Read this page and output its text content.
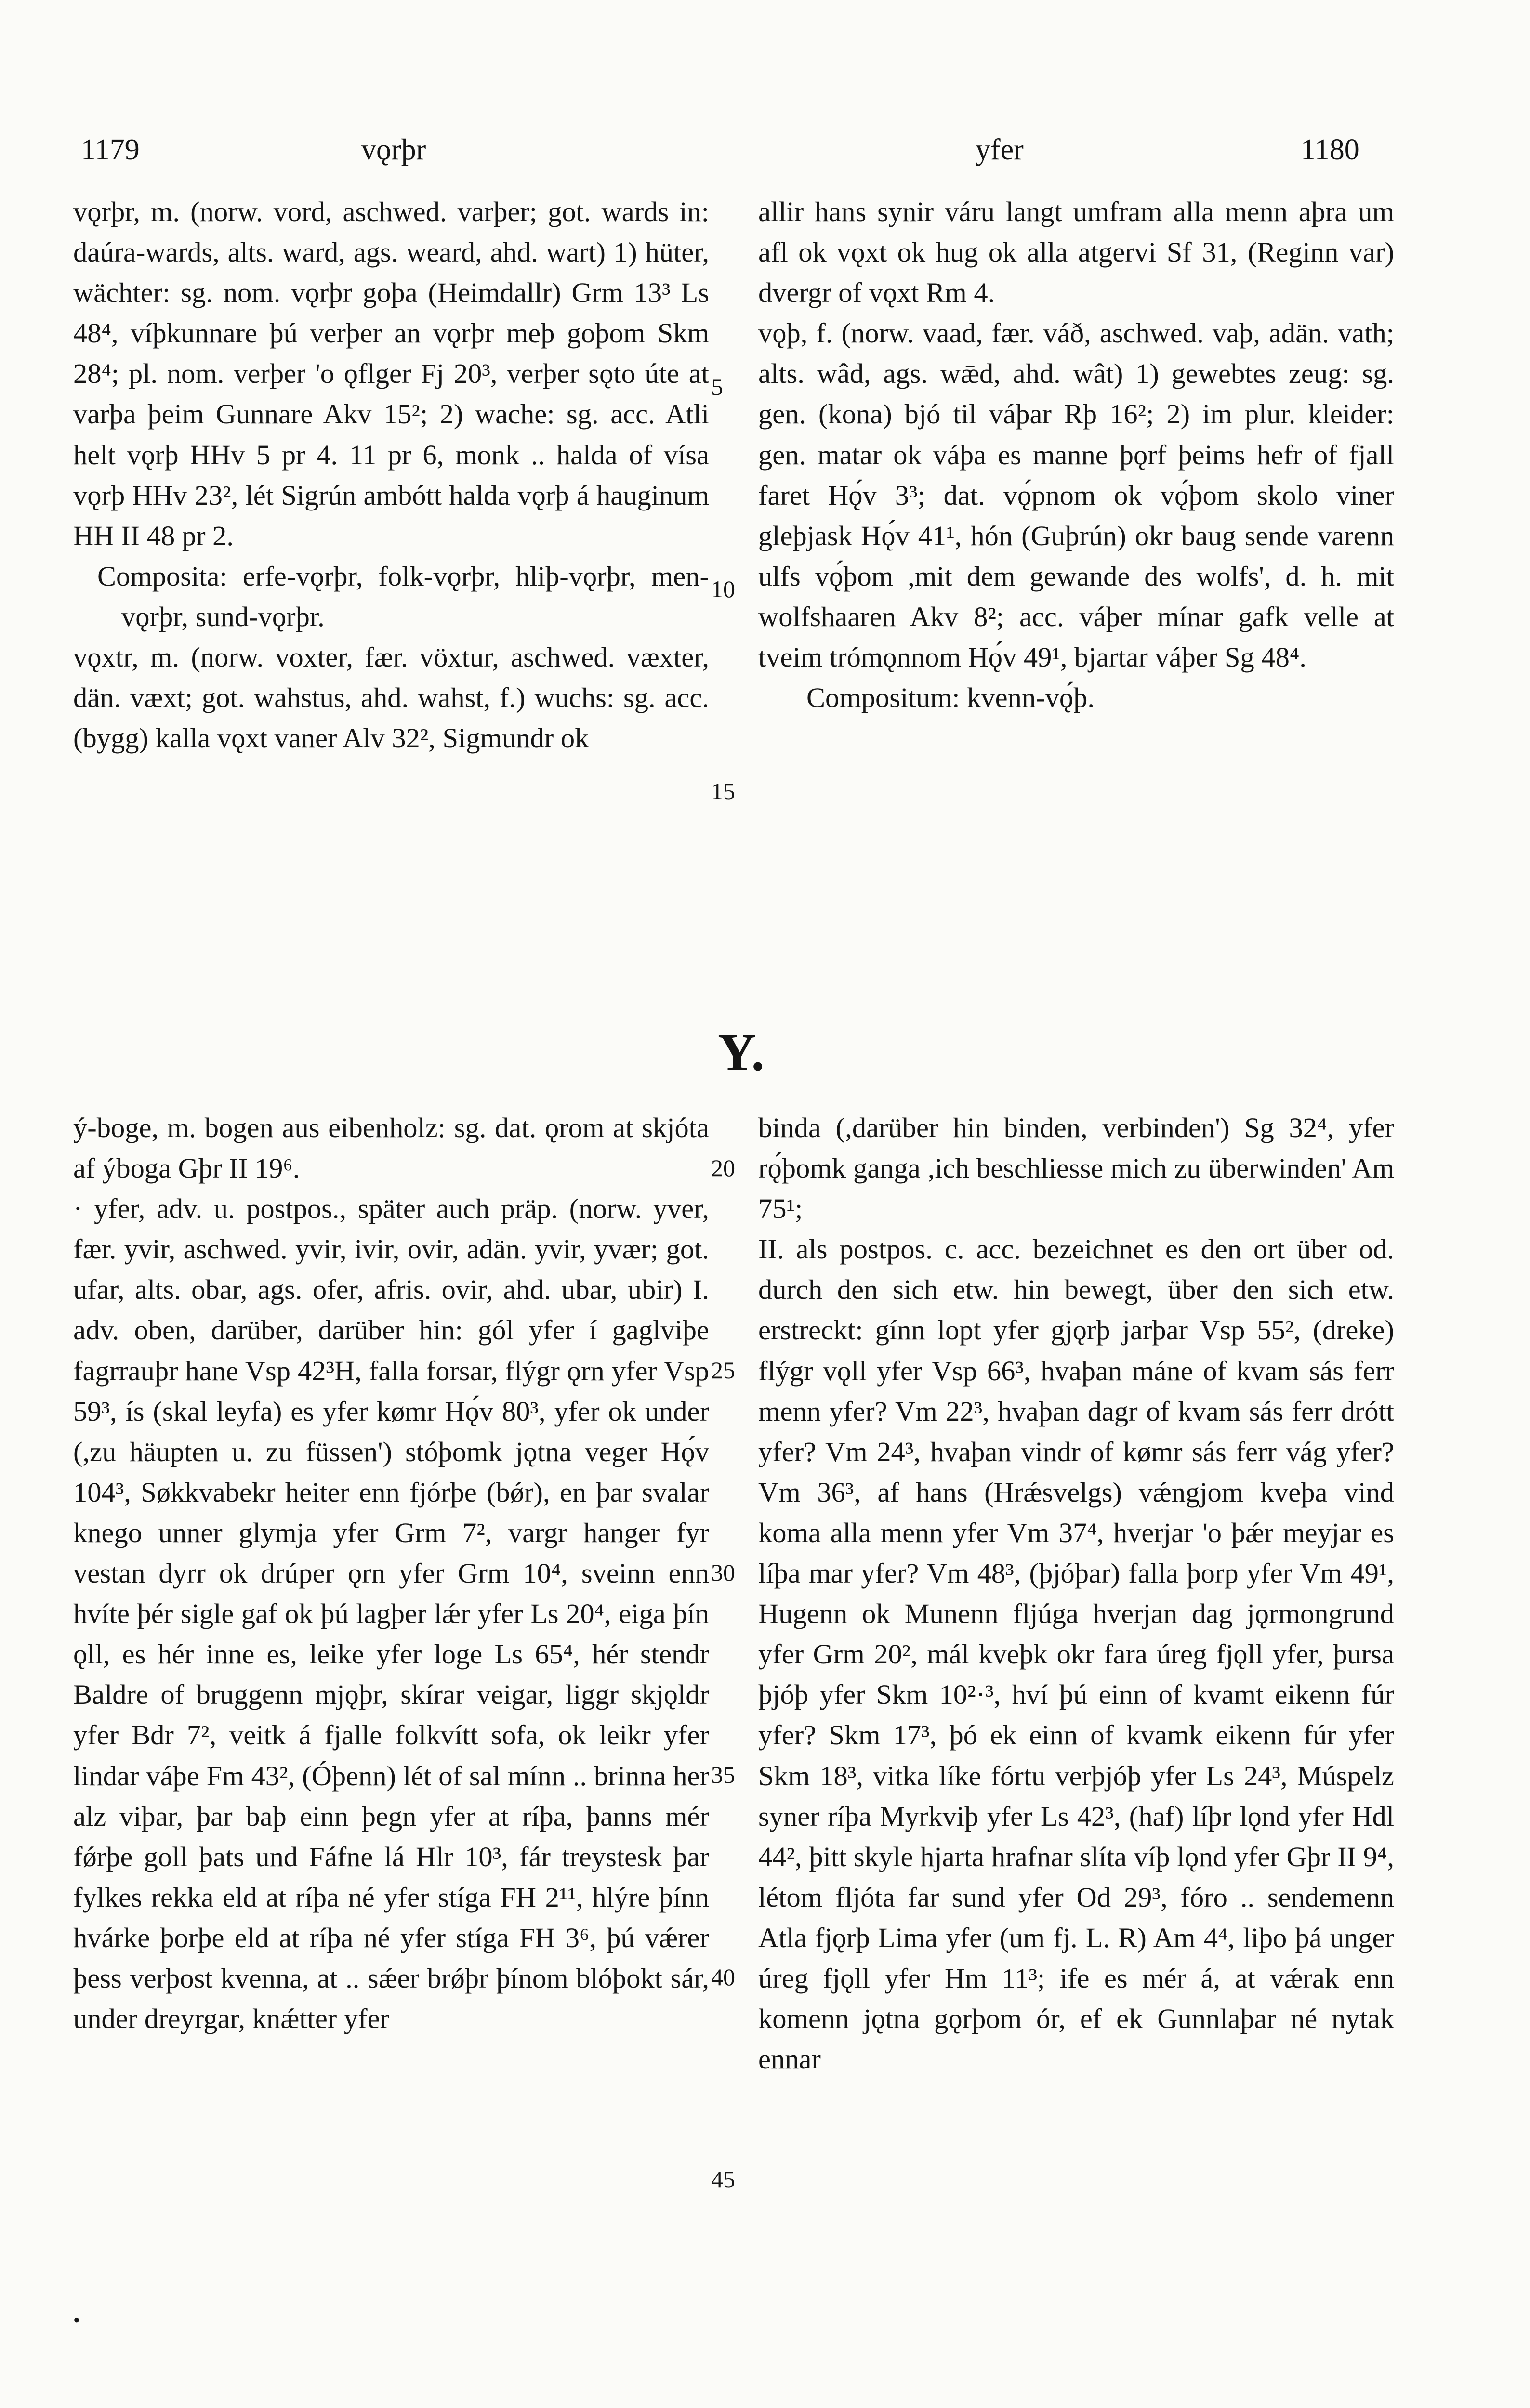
1179	vǫrþr	yfer	1180

vǫrþr, m. (norw. vord, aschwed. varþer; got. wards in: daúra-wards, alts. ward, ags. weard, ahd. wart) 1) hüter, wächter: sg. nom. vǫrþr goþa (Heimdallr) Grm 13³ Ls 48⁴, víþkunnare þú verþer an vǫrþr meþ goþom Skm 28⁴; pl. nom. verþer 'o ǫflger Fj 20³, verþer sǫto úte at varþa þeim Gunnare Akv 15²; 2) wache: sg. acc. Atli helt vǫrþ HHv 5 pr 4. 11 pr 6, monk .. halda of vísa vǫrþ HHv 23², lét Sigrún ambótt halda vǫrþ á hauginum HH II 48 pr 2.

Composita: erfe-vǫrþr, folk-vǫrþr, hliþ-vǫrþr, men-vǫrþr, sund-vǫrþr.

vǫxtr, m. (norw. voxter, fær. vöxtur, aschwed. væxter, dän. væxt; got. wahstus, ahd. wahst, f.) wuchs: sg. acc. (bygg) kalla vǫxt vaner Alv 32², Sigmundr ok

allir hans synir váru langt umfram alla menn aþra um afl ok vǫxt ok hug ok alla atgervi Sf 31, (Reginn var) dvergr of vǫxt Rm 4.

vǫþ, f. (norw. vaad, fær. váð, aschwed. vaþ, adän. vath; alts. wâd, ags. wǣd, ahd. wât) 1) gewebtes zeug: sg. gen. (kona) bjó til váþar Rþ 16²; 2) im plur. kleider: gen. matar ok váþa es manne þǫrf þeims hefr of fjall faret Hǫ́v 3³; dat. vǫ́pnom ok vǫ́þom skolo viner gleþjask Hǫ́v 41¹, hón (Guþrún) okr baug sende varenn ulfs vǫ́þom ,mit dem gewande des wolfs', d. h. mit wolfshaaren Akv 8²; acc. váþer mínar gafk velle at tveim trómǫnnom Hǫ́v 49¹, bjartar váþer Sg 48⁴.

Compositum: kvenn-vǫ́þ.

Y.

ý-boge, m. bogen aus eibenholz: sg. dat. ǫrom at skjóta af ýboga Gþr II 19⁶.

· yfer, adv. u. postpos., später auch präp. (norw. yver, fær. yvir, aschwed. yvir, ivir, ovir, adän. yvir, yvær; got. ufar, alts. obar, ags. ofer, afris. ovir, ahd. ubar, ubir) I. adv. oben, darüber, darüber hin: gól yfer í gaglviþe fagrrauþr hane Vsp 42³H, falla forsar, flýgr ǫrn yfer Vsp 59³, ís (skal leyfa) es yfer kømr Hǫ́v 80³, yfer ok under (,zu häupten u. zu füssen') stóþomk jǫtna veger Hǫ́v 104³, Søkkvabekr heiter enn fjórþe (bǿr), en þar svalar knego unner glymja yfer Grm 7², vargr hanger fyr vestan dyrr ok drúper ǫrn yfer Grm 10⁴, sveinn enn hvíte þér sigle gaf ok þú lagþer lǽr yfer Ls 20⁴, eiga þín ǫll, es hér inne es, leike yfer loge Ls 65⁴, hér stendr Baldre of bruggenn mjǫþr, skírar veigar, liggr skjǫldr yfer Bdr 7², veitk á fjalle folkvítt sofa, ok leikr yfer lindar váþe Fm 43², (Óþenn) lét of sal mínn .. brinna her alz viþar, þar baþ einn þegn yfer at ríþa, þanns mér fǿrþe goll þats und Fáfne lá Hlr 10³, fár treystesk þar fylkes rekka eld at ríþa né yfer stíga FH 2¹¹, hlýre þínn hvárke þorþe eld at ríþa né yfer stíga FH 3⁶, þú vǽrer þess verþost kvenna, at .. sǽer brǿþr þínom blóþokt sár, under dreyrgar, knǽtter yfer

binda (,darüber hin binden, verbinden') Sg 32⁴, yfer rǫ́þomk ganga ,ich beschliesse mich zu überwinden' Am 75¹;

II. als postpos. c. acc. bezeichnet es den ort über od. durch den sich etw. hin bewegt, über den sich etw. erstreckt: gínn lopt yfer gjǫrþ jarþar Vsp 55², (dreke) flýgr vǫll yfer Vsp 66³, hvaþan máne of kvam sás ferr menn yfer? Vm 22³, hvaþan dagr of kvam sás ferr drótt yfer? Vm 24³, hvaþan vindr of kømr sás ferr vág yfer? Vm 36³, af hans (Hrǽsvelgs) vǽngjom kveþa vind koma alla menn yfer Vm 37⁴, hverjar 'o þǽr meyjar es líþa mar yfer? Vm 48³, (þjóþar) falla þorp yfer Vm 49¹, Hugenn ok Munenn fljúga hverjan dag jǫrmongrund yfer Grm 20², mál kveþk okr fara úreg fjǫll yfer, þursa þjóþ yfer Skm 10²·³, hví þú einn of kvamt eikenn fúr yfer? Skm 17³, þó ek einn of kvamk eikenn fúr yfer Skm 18³, vitka líke fórtu verþjóþ yfer Ls 24³, Múspelz syner ríþa Myrkviþ yfer Ls 42³, (haf) líþr lǫnd yfer Hdl 44², þitt skyle hjarta hrafnar slíta víþ lǫnd yfer Gþr II 9⁴, létom fljóta far sund yfer Od 29³, fóro .. sendemenn Atla fjǫrþ Lima yfer (um fj. L. R) Am 4⁴, liþo þá unger úreg fjǫll yfer Hm 11³; ife es mér á, at vǽrak enn komenn jǫtna gǫrþom ór, ef ek Gunnlaþar né nytak ennar

5
10
15
20
25
30
35
40
45
•
